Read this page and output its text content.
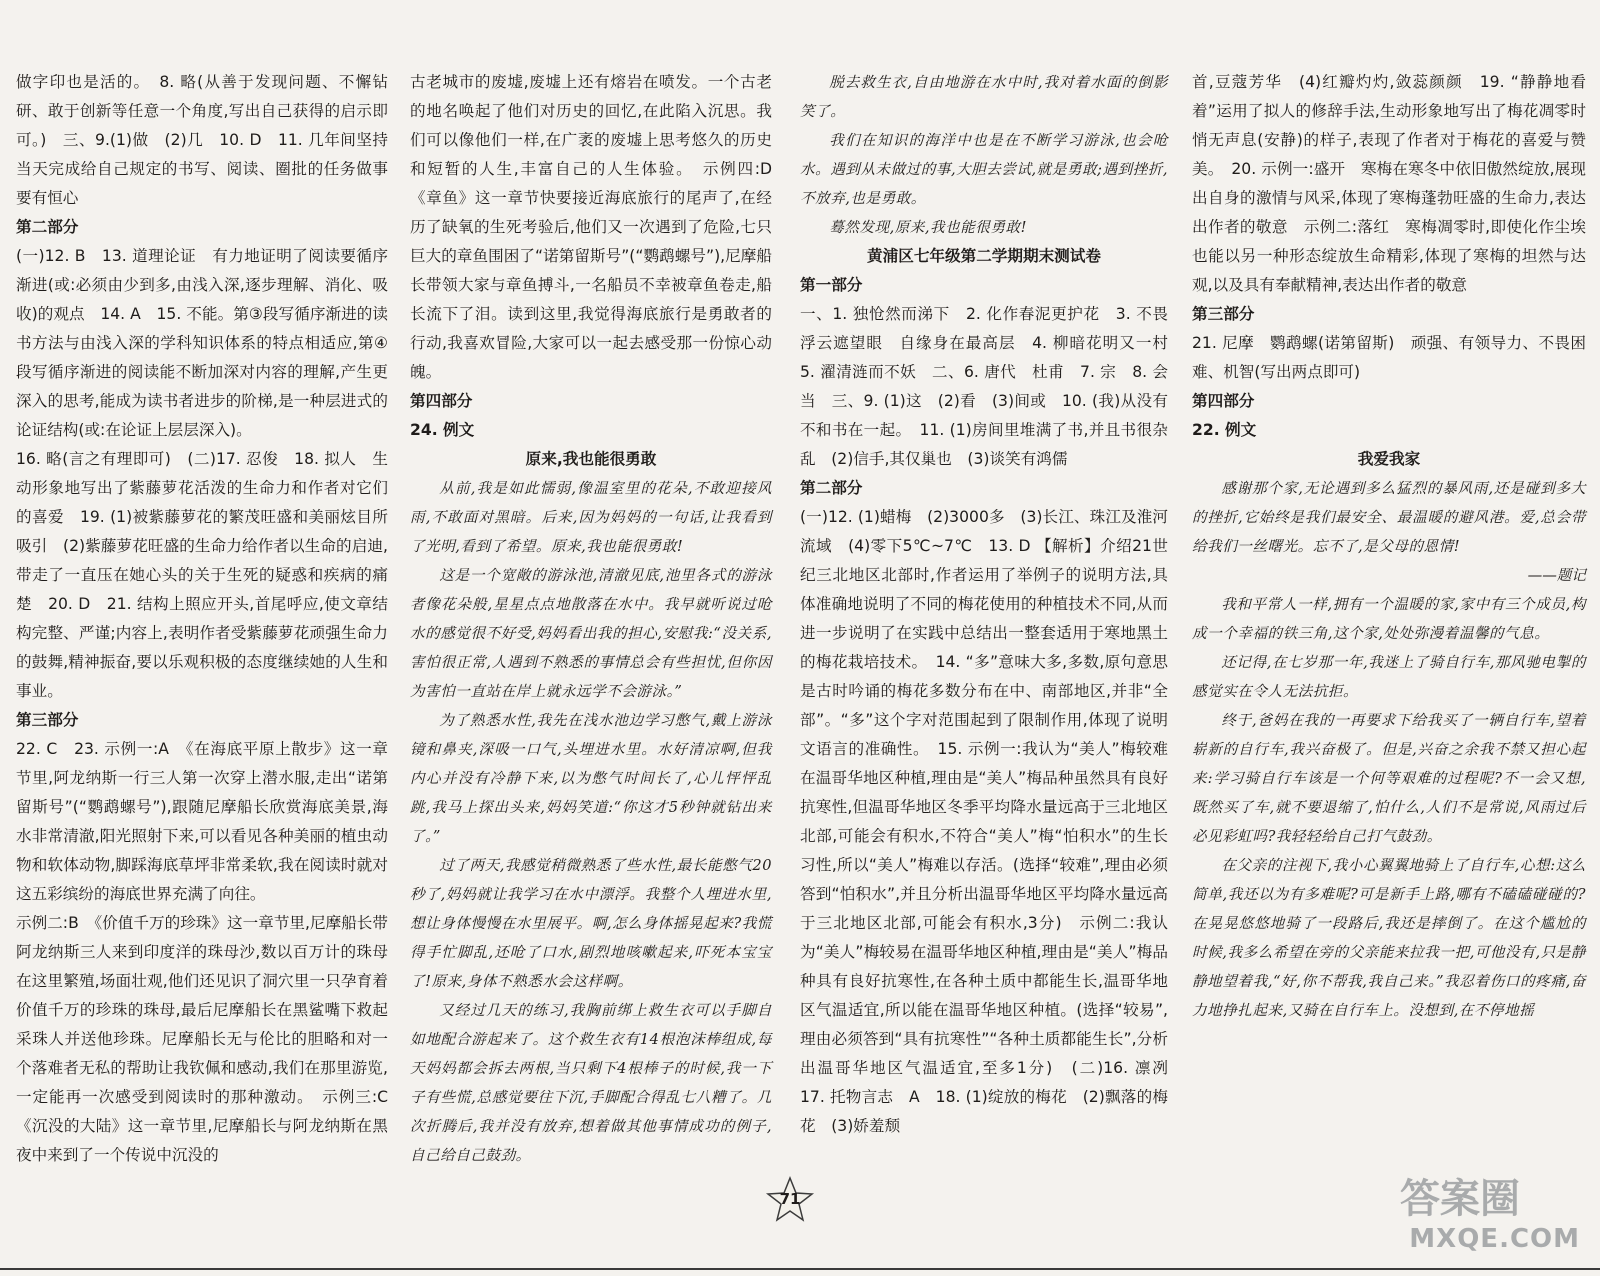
做字印也是活的。　8. 略(从善于发现问题、不懈钻研、敢于创新等任意一个角度,写出自己获得的启示即可。)　三、9.(1)做　(2)几　10. D　11. 几年间坚持当天完成给自己规定的书写、阅读、圈批的任务做事要有恒心

第二部分

(一)12. B　13. 道理论证　有力地证明了阅读要循序渐进(或:必须由少到多,由浅入深,逐步理解、消化、吸收)的观点　14. A　15. 不能。第③段写循序渐进的读书方法与由浅入深的学科知识体系的特点相适应,第④段写循序渐进的阅读能不断加深对内容的理解,产生更深入的思考,能成为读书者进步的阶梯,是一种层进式的论证结构(或:在论证上层层深入)。

16. 略(言之有理即可)　(二)17. 忍俊　18. 拟人　生动形象地写出了紫藤萝花活泼的生命力和作者对它们的喜爱　19. (1)被紫藤萝花的繁茂旺盛和美丽炫目所吸引　(2)紫藤萝花旺盛的生命力给作者以生命的启迪,带走了一直压在她心头的关于生死的疑惑和疾病的痛楚　20. D　21. 结构上照应开头,首尾呼应,使文章结构完整、严谨;内容上,表明作者受紫藤萝花顽强生命力的鼓舞,精神振奋,要以乐观积极的态度继续她的人生和事业。

第三部分

22. C　23. 示例一:A　《在海底平原上散步》这一章节里,阿龙纳斯一行三人第一次穿上潜水服,走出“诺第留斯号”(“鹦鹉螺号”),跟随尼摩船长欣赏海底美景,海水非常清澈,阳光照射下来,可以看见各种美丽的植虫动物和软体动物,脚踩海底草坪非常柔软,我在阅读时就对这五彩缤纷的海底世界充满了向往。

示例二:B　《价值千万的珍珠》这一章节里,尼摩船长带阿龙纳斯三人来到印度洋的珠母沙,数以百万计的珠母在这里繁殖,场面壮观,他们还见识了洞穴里一只孕育着价值千万的珍珠的珠母,最后尼摩船长在黑鲨嘴下救起采珠人并送他珍珠。尼摩船长无与伦比的胆略和对一个落难者无私的帮助让我钦佩和感动,我们在那里游览,一定能再一次感受到阅读时的那种激动。　示例三:C　《沉没的大陆》这一章节里,尼摩船长与阿龙纳斯在黑夜中来到了一个传说中沉没的

古老城市的废墟,废墟上还有熔岩在喷发。一个古老的地名唤起了他们对历史的回忆,在此陷入沉思。我们可以像他们一样,在广袤的废墟上思考悠久的历史和短暂的人生,丰富自己的人生体验。　示例四:D　《章鱼》这一章节快要接近海底旅行的尾声了,在经历了缺氧的生死考验后,他们又一次遇到了危险,七只巨大的章鱼围困了“诺第留斯号”(“鹦鹉螺号”),尼摩船长带领大家与章鱼搏斗,一名船员不幸被章鱼卷走,船长流下了泪。读到这里,我觉得海底旅行是勇敢者的行动,我喜欢冒险,大家可以一起去感受那一份惊心动魄。

第四部分

24. 例文

原来,我也能很勇敢

从前,我是如此懦弱,像温室里的花朵,不敢迎接风雨,不敢面对黑暗。后来,因为妈妈的一句话,让我看到了光明,看到了希望。原来,我也能很勇敢!

这是一个宽敞的游泳池,清澈见底,池里各式的游泳者像花朵般,星星点点地散落在水中。我早就听说过呛水的感觉很不好受,妈妈看出我的担心,安慰我:“没关系,害怕很正常,人遇到不熟悉的事情总会有些担忧,但你因为害怕一直站在岸上就永远学不会游泳。”

为了熟悉水性,我先在浅水池边学习憋气,戴上游泳镜和鼻夹,深吸一口气,头埋进水里。水好清凉啊,但我内心并没有冷静下来,以为憋气时间长了,心儿怦怦乱跳,我马上探出头来,妈妈笑道:“你这才5秒钟就钻出来了。”

过了两天,我感觉稍微熟悉了些水性,最长能憋气20秒了,妈妈就让我学习在水中漂浮。我整个人埋进水里,想让身体慢慢在水里展平。啊,怎么身体摇晃起来?我慌得手忙脚乱,还呛了口水,剧烈地咳嗽起来,吓死本宝宝了!原来,身体不熟悉水会这样啊。

又经过几天的练习,我胸前绑上救生衣可以手脚自如地配合游起来了。这个救生衣有14根泡沫棒组成,每天妈妈都会拆去两根,当只剩下4根棒子的时候,我一下子有些慌,总感觉要往下沉,手脚配合得乱七八糟了。几次折腾后,我并没有放弃,想着做其他事情成功的例子,自己给自己鼓劲。

脱去救生衣,自由地游在水中时,我对着水面的倒影笑了。

我们在知识的海洋中也是在不断学习游泳,也会呛水。遇到从未做过的事,大胆去尝试,就是勇敢;遇到挫折,不放弃,也是勇敢。

蓦然发现,原来,我也能很勇敢!

黄浦区七年级第二学期期末测试卷

第一部分

一、1. 独怆然而涕下　2. 化作春泥更护花　3. 不畏浮云遮望眼　自缘身在最高层　4. 柳暗花明又一村　5. 濯清涟而不妖　二、6. 唐代　杜甫　7. 宗　8. 会当　三、9. (1)这　(2)看　(3)间或　10. (我)从没有不和书在一起。　11. (1)房间里堆满了书,并且书很杂乱　(2)信手,其仅巢也　(3)谈笑有鸿儒

第二部分

(一)12. (1)蜡梅　(2)3000多　(3)长江、珠江及淮河流域　(4)零下5℃~7℃　13. D 【解析】介绍21世纪三北地区北部时,作者运用了举例子的说明方法,具体准确地说明了不同的梅花使用的种植技术不同,从而进一步说明了在实践中总结出一整套适用于寒地黑土的梅花栽培技术。　14. “多”意味大多,多数,原句意思是古时吟诵的梅花多数分布在中、南部地区,并非“全部”。“多”这个字对范围起到了限制作用,体现了说明文语言的准确性。　15. 示例一:我认为“美人”梅较难在温哥华地区种植,理由是“美人”梅品种虽然具有良好抗寒性,但温哥华地区冬季平均降水量远高于三北地区北部,可能会有积水,不符合“美人”梅“怕积水”的生长习性,所以“美人”梅难以存活。(选择“较难”,理由必须答到“怕积水”,并且分析出温哥华地区平均降水量远高于三北地区北部,可能会有积水,3分)　示例二:我认为“美人”梅较易在温哥华地区种植,理由是“美人”梅品种具有良好抗寒性,在各种土质中都能生长,温哥华地区气温适宜,所以能在温哥华地区种植。(选择“较易”,理由必须答到“具有抗寒性”“各种土质都能生长”,分析出温哥华地区气温适宜,至多1分)　(二)16. 凛冽　17. 托物言志　A　18. (1)绽放的梅花　(2)飘落的梅花　(3)娇羞颓

首,豆蔻芳华　(4)红瓣灼灼,敛蕊颜颜　19. “静静地看着”运用了拟人的修辞手法,生动形象地写出了梅花凋零时悄无声息(安静)的样子,表现了作者对于梅花的喜爱与赞美。　20. 示例一:盛开　寒梅在寒冬中依旧傲然绽放,展现出自身的激情与风采,体现了寒梅蓬勃旺盛的生命力,表达出作者的敬意　示例二:落红　寒梅凋零时,即使化作尘埃也能以另一种形态绽放生命精彩,体现了寒梅的坦然与达观,以及具有奉献精神,表达出作者的敬意

第三部分

21. 尼摩　鹦鹉螺(诺第留斯)　顽强、有领导力、不畏困难、机智(写出两点即可)

第四部分

22. 例文

我爱我家

感谢那个家,无论遇到多么猛烈的暴风雨,还是碰到多大的挫折,它始终是我们最安全、最温暖的避风港。爱,总会带给我们一丝曙光。忘不了,是父母的恩情!

——题记

我和平常人一样,拥有一个温暖的家,家中有三个成员,构成一个幸福的铁三角,这个家,处处弥漫着温馨的气息。

还记得,在七岁那一年,我迷上了骑自行车,那风驰电掣的感觉实在令人无法抗拒。

终于,爸妈在我的一再要求下给我买了一辆自行车,望着崭新的自行车,我兴奋极了。但是,兴奋之余我不禁又担心起来:学习骑自行车该是一个何等艰难的过程呢?不一会又想,既然买了车,就不要退缩了,怕什么,人们不是常说,风雨过后必见彩虹吗?我轻轻给自己打气鼓劲。

在父亲的注视下,我小心翼翼地骑上了自行车,心想:这么简单,我还以为有多难呢?可是新手上路,哪有不磕磕碰碰的?在晃晃悠悠地骑了一段路后,我还是摔倒了。在这个尴尬的时候,我多么希望在旁的父亲能来拉我一把,可他没有,只是静静地望着我,“好,你不帮我,我自己来。”我忍着伤口的疼痛,奋力地挣扎起来,又骑在自行车上。没想到,在不停地摇

71	答案圈
MXQE.COM
